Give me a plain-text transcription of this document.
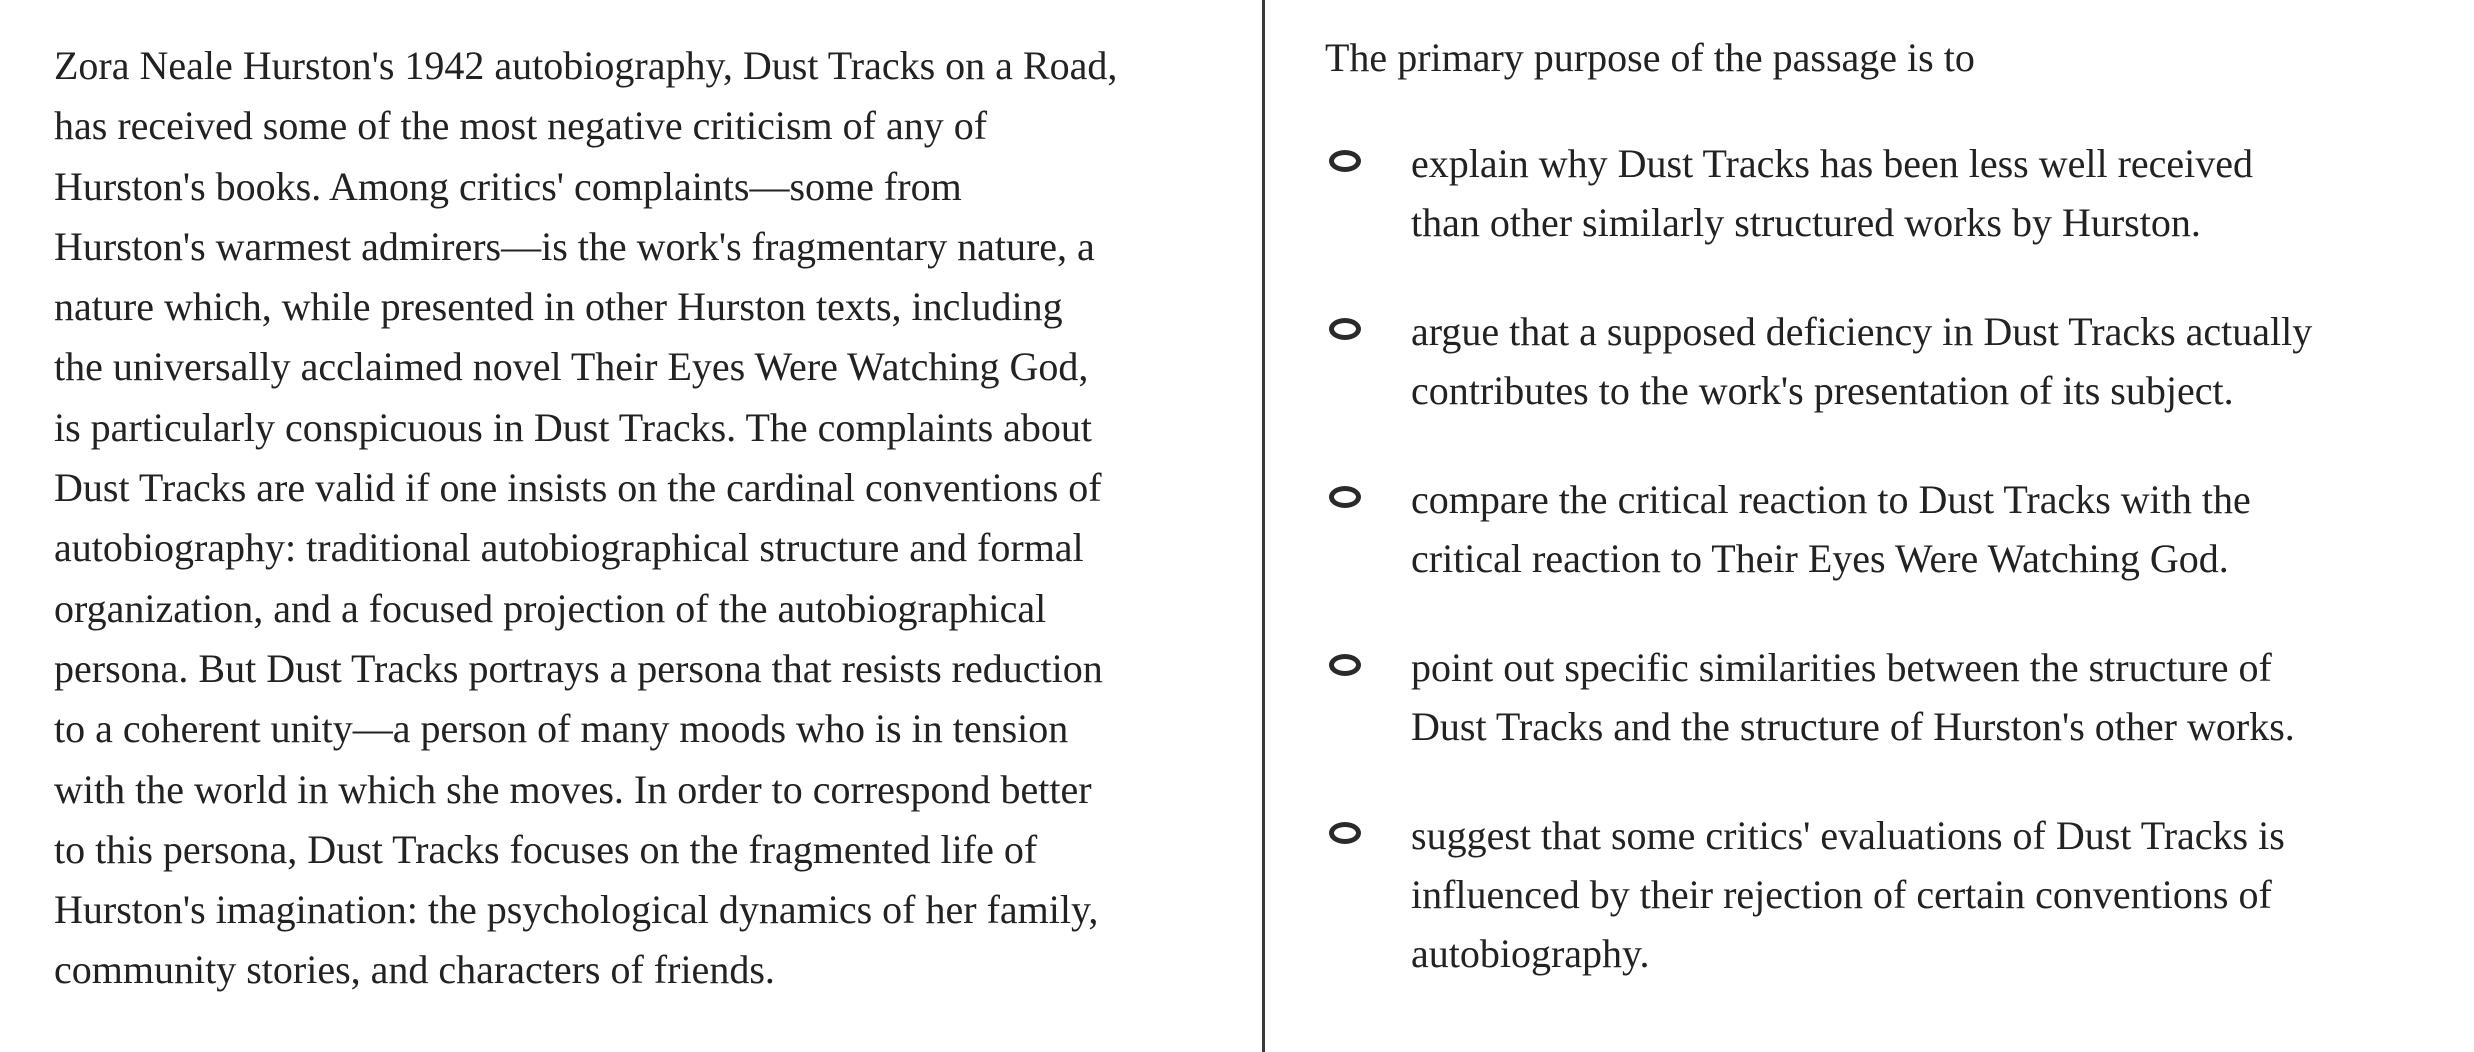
Zora Neale Hurston's 1942 autobiography, Dust Tracks on a Road,
has received some of the most negative criticism of any of
Hurston's books. Among critics' complaints—some from
Hurston's warmest admirers—is the work's fragmentary nature, a
nature which, while presented in other Hurston texts, including
the universally acclaimed novel Their Eyes Were Watching God,
is particularly conspicuous in Dust Tracks. The complaints about
Dust Tracks are valid if one insists on the cardinal conventions of
autobiography: traditional autobiographical structure and formal
organization, and a focused projection of the autobiographical
persona. But Dust Tracks portrays a persona that resists reduction
to a coherent unity—a person of many moods who is in tension
with the world in which she moves. In order to correspond better
to this persona, Dust Tracks focuses on the fragmented life of
Hurston's imagination: the psychological dynamics of her family,
community stories, and characters of friends.

The primary purpose of the passage is to

explain why Dust Tracks has been less well received
than other similarly structured works by Hurston.
argue that a supposed deficiency in Dust Tracks actually
contributes to the work's presentation of its subject.
compare the critical reaction to Dust Tracks with the
critical reaction to Their Eyes Were Watching God.
point out specific similarities between the structure of
Dust Tracks and the structure of Hurston's other works.
suggest that some critics' evaluations of Dust Tracks is
influenced by their rejection of certain conventions of
autobiography.
